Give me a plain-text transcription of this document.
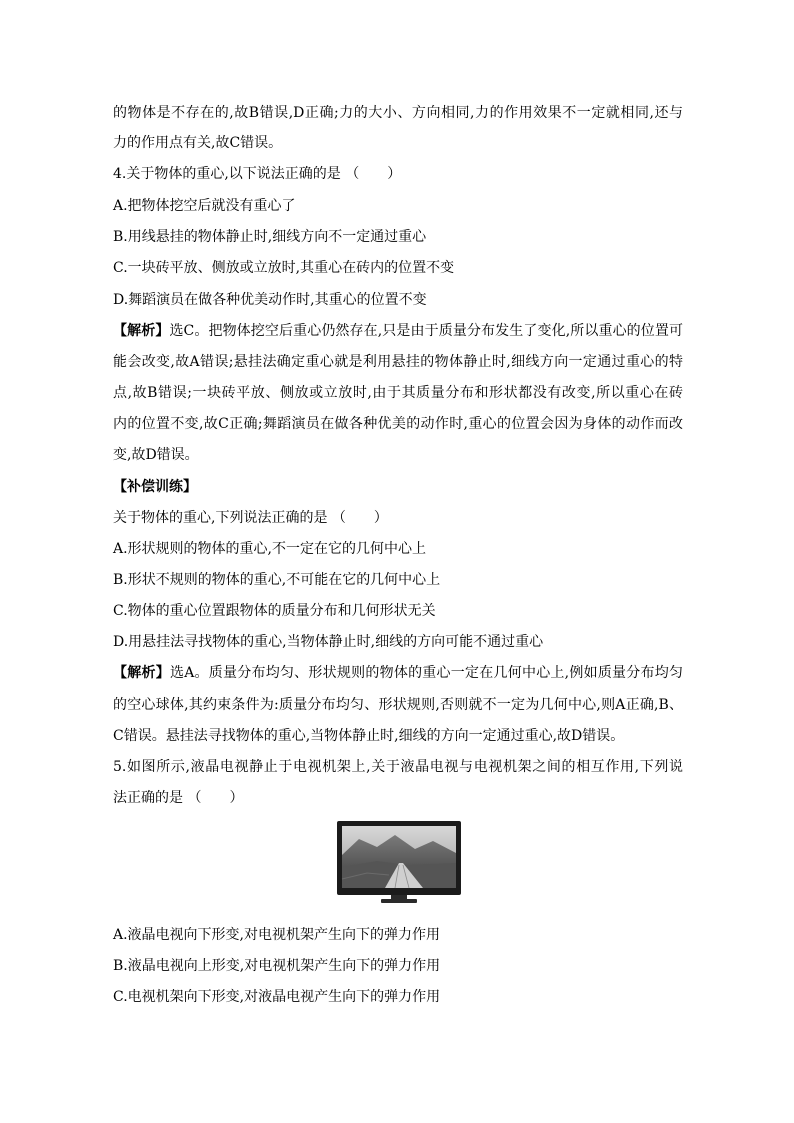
的物体是不存在的,故B错误,D正确;力的大小、方向相同,力的作用效果不一定就相同,还与
力的作用点有关,故C错误。
4.关于物体的重心,以下说法正确的是 （　　）
A.把物体挖空后就没有重心了
B.用线悬挂的物体静止时,细线方向不一定通过重心
C.一块砖平放、侧放或立放时,其重心在砖内的位置不变
D.舞蹈演员在做各种优美动作时,其重心的位置不变
【解析】选C。把物体挖空后重心仍然存在,只是由于质量分布发生了变化,所以重心的位置可
能会改变,故A错误;悬挂法确定重心就是利用悬挂的物体静止时,细线方向一定通过重心的特
点,故B错误;一块砖平放、侧放或立放时,由于其质量分布和形状都没有改变,所以重心在砖
内的位置不变,故C正确;舞蹈演员在做各种优美的动作时,重心的位置会因为身体的动作而改
变,故D错误。
【补偿训练】
关于物体的重心,下列说法正确的是 （　　）
A.形状规则的物体的重心,不一定在它的几何中心上
B.形状不规则的物体的重心,不可能在它的几何中心上
C.物体的重心位置跟物体的质量分布和几何形状无关
D.用悬挂法寻找物体的重心,当物体静止时,细线的方向可能不通过重心
【解析】选A。质量分布均匀、形状规则的物体的重心一定在几何中心上,例如质量分布均匀
的空心球体,其约束条件为:质量分布均匀、形状规则,否则就不一定为几何中心,则A正确,B、
C错误。悬挂法寻找物体的重心,当物体静止时,细线的方向一定通过重心,故D错误。
5.如图所示,液晶电视静止于电视机架上,关于液晶电视与电视机架之间的相互作用,下列说
法正确的是 （　　）
A.液晶电视向下形变,对电视机架产生向下的弹力作用
B.液晶电视向上形变,对电视机架产生向下的弹力作用
C.电视机架向下形变,对液晶电视产生向下的弹力作用
